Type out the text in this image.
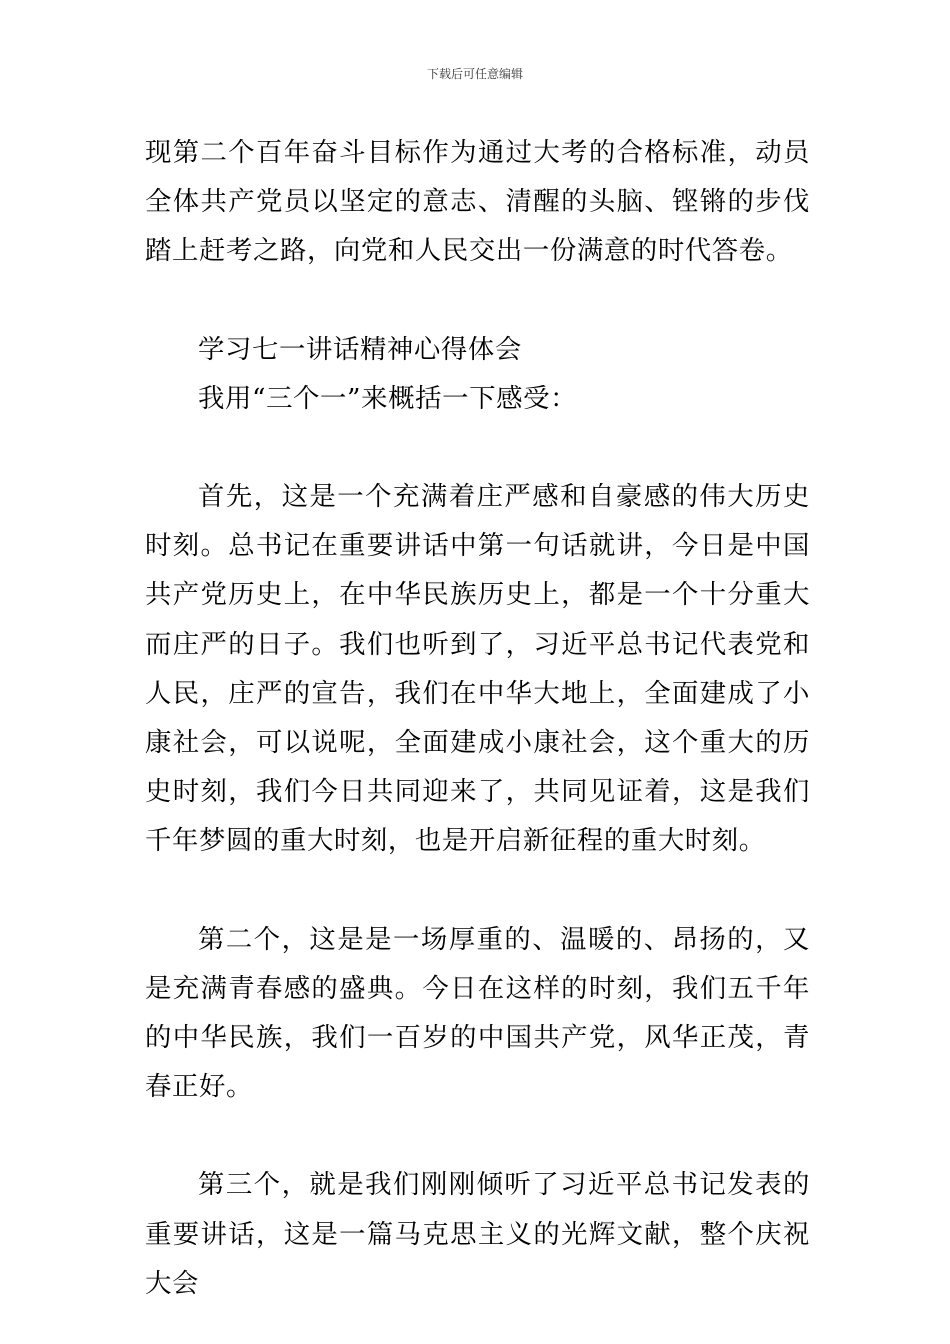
下载后可任意编辑

现第二个百年奋斗目标作为通过大考的合格标准，动员全体共产党员以坚定的意志、清醒的头脑、铿锵的步伐踏上赶考之路，向党和人民交出一份满意的时代答卷。

学习七一讲话精神心得体会

我用“三个一”来概括一下感受：

首先，这是一个充满着庄严感和自豪感的伟大历史时刻。总书记在重要讲话中第一句话就讲，今日是中国共产党历史上，在中华民族历史上，都是一个十分重大而庄严的日子。我们也听到了，习近平总书记代表党和人民，庄严的宣告，我们在中华大地上，全面建成了小康社会，可以说呢，全面建成小康社会，这个重大的历史时刻，我们今日共同迎来了，共同见证着，这是我们千年梦圆的重大时刻，也是开启新征程的重大时刻。

第二个，这是是一场厚重的、温暖的、昂扬的，又是充满青春感的盛典。今日在这样的时刻，我们五千年的中华民族，我们一百岁的中国共产党，风华正茂，青春正好。

第三个，就是我们刚刚倾听了习近平总书记发表的重要讲话，这是一篇马克思主义的光辉文献，整个庆祝大会
